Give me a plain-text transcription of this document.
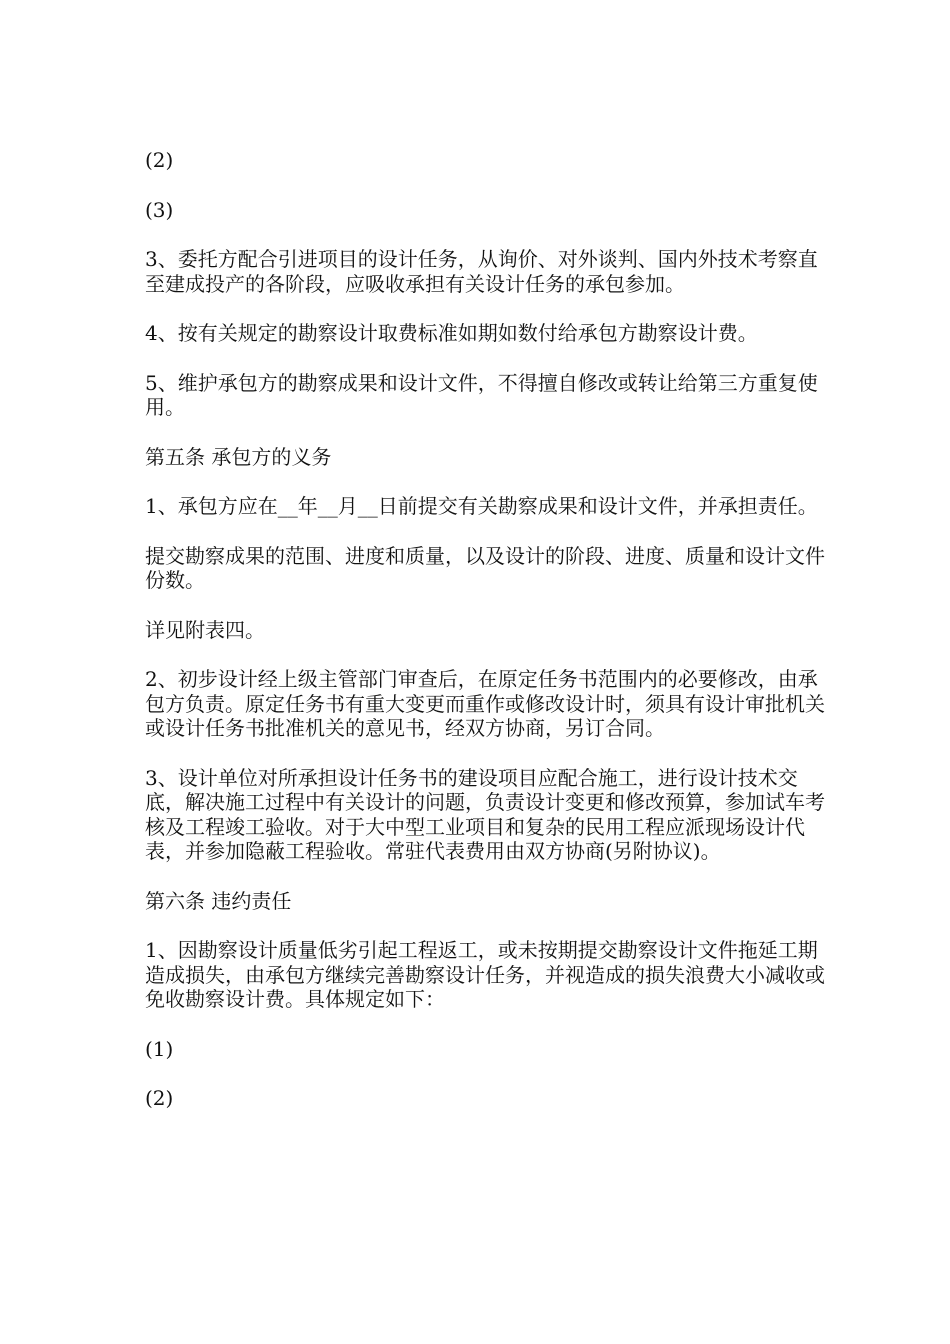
(2)

(3)

3、委托方配合引进项目的设计任务，从询价、对外谈判、国内外技术考察直至建成投产的各阶段，应吸收承担有关设计任务的承包参加。

4、按有关规定的勘察设计取费标准如期如数付给承包方勘察设计费。

5、维护承包方的勘察成果和设计文件，不得擅自修改或转让给第三方重复使用。

第五条 承包方的义务

1、承包方应在__年__月__日前提交有关勘察成果和设计文件，并承担责任。

提交勘察成果的范围、进度和质量，以及设计的阶段、进度、质量和设计文件份数。

详见附表四。

2、初步设计经上级主管部门审查后，在原定任务书范围内的必要修改，由承包方负责。原定任务书有重大变更而重作或修改设计时，须具有设计审批机关或设计任务书批准机关的意见书，经双方协商，另订合同。

3、设计单位对所承担设计任务书的建设项目应配合施工，进行设计技术交底，解决施工过程中有关设计的问题，负责设计变更和修改预算，参加试车考核及工程竣工验收。对于大中型工业项目和复杂的民用工程应派现场设计代表，并参加隐蔽工程验收。常驻代表费用由双方协商(另附协议)。

第六条 违约责任

1、因勘察设计质量低劣引起工程返工，或未按期提交勘察设计文件拖延工期造成损失，由承包方继续完善勘察设计任务，并视造成的损失浪费大小减收或免收勘察设计费。具体规定如下：

(1)

(2)
